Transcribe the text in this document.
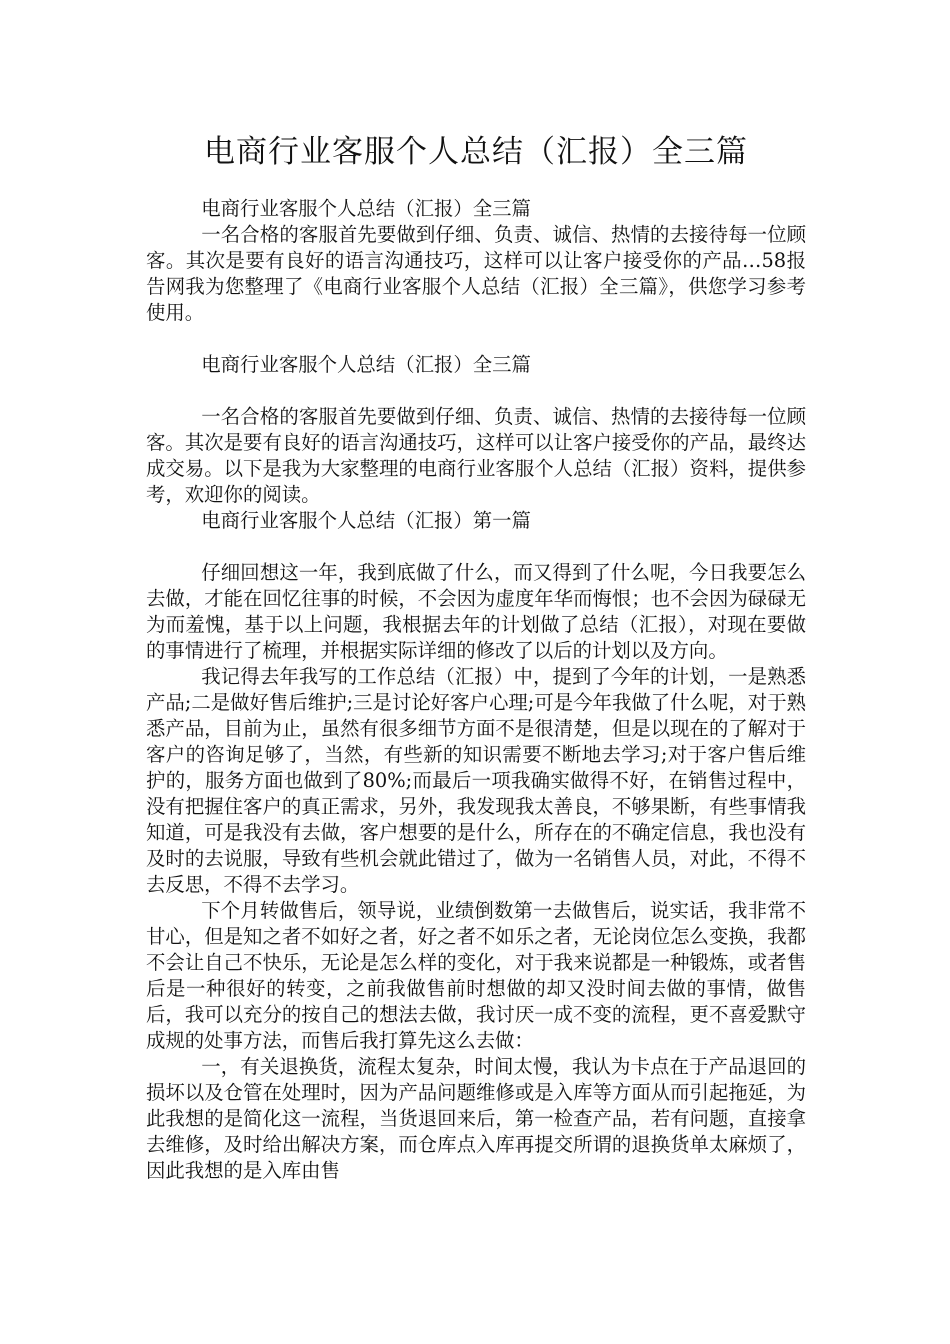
电商行业客服个人总结（汇报）全三篇

电商行业客服个人总结（汇报）全三篇

一名合格的客服首先要做到仔细、负责、诚信、热情的去接待每一位顾客。其次是要有良好的语言沟通技巧，这样可以让客户接受你的产品…58报告网我为您整理了《电商行业客服个人总结（汇报）全三篇》，供您学习参考使用。

电商行业客服个人总结（汇报）全三篇

一名合格的客服首先要做到仔细、负责、诚信、热情的去接待每一位顾客。其次是要有良好的语言沟通技巧，这样可以让客户接受你的产品，最终达成交易。以下是我为大家整理的电商行业客服个人总结（汇报）资料，提供参考，欢迎你的阅读。

电商行业客服个人总结（汇报）第一篇

仔细回想这一年，我到底做了什么，而又得到了什么呢，今日我要怎么去做，才能在回忆往事的时候，不会因为虚度年华而悔恨；也不会因为碌碌无为而羞愧，基于以上问题，我根据去年的计划做了总结（汇报），对现在要做的事情进行了梳理，并根据实际详细的修改了以后的计划以及方向。

我记得去年我写的工作总结（汇报）中，提到了今年的计划，一是熟悉产品;二是做好售后维护;三是讨论好客户心理;可是今年我做了什么呢，对于熟悉产品，目前为止，虽然有很多细节方面不是很清楚，但是以现在的了解对于客户的咨询足够了，当然，有些新的知识需要不断地去学习;对于客户售后维护的，服务方面也做到了80%;而最后一项我确实做得不好，在销售过程中，没有把握住客户的真正需求，另外，我发现我太善良，不够果断，有些事情我知道，可是我没有去做，客户想要的是什么，所存在的不确定信息，我也没有及时的去说服，导致有些机会就此错过了，做为一名销售人员，对此，不得不去反思，不得不去学习。

下个月转做售后，领导说，业绩倒数第一去做售后，说实话，我非常不甘心，但是知之者不如好之者，好之者不如乐之者，无论岗位怎么变换，我都不会让自己不快乐，无论是怎么样的变化，对于我来说都是一种锻炼，或者售后是一种很好的转变，之前我做售前时想做的却又没时间去做的事情，做售后，我可以充分的按自己的想法去做，我讨厌一成不变的流程，更不喜爱默守成规的处事方法，而售后我打算先这么去做：

一，有关退换货，流程太复杂，时间太慢，我认为卡点在于产品退回的损坏以及仓管在处理时，因为产品问题维修或是入库等方面从而引起拖延，为此我想的是简化这一流程，当货退回来后，第一检查产品，若有问题，直接拿去维修，及时给出解决方案，而仓库点入库再提交所谓的退换货单太麻烦了，因此我想的是入库由售
